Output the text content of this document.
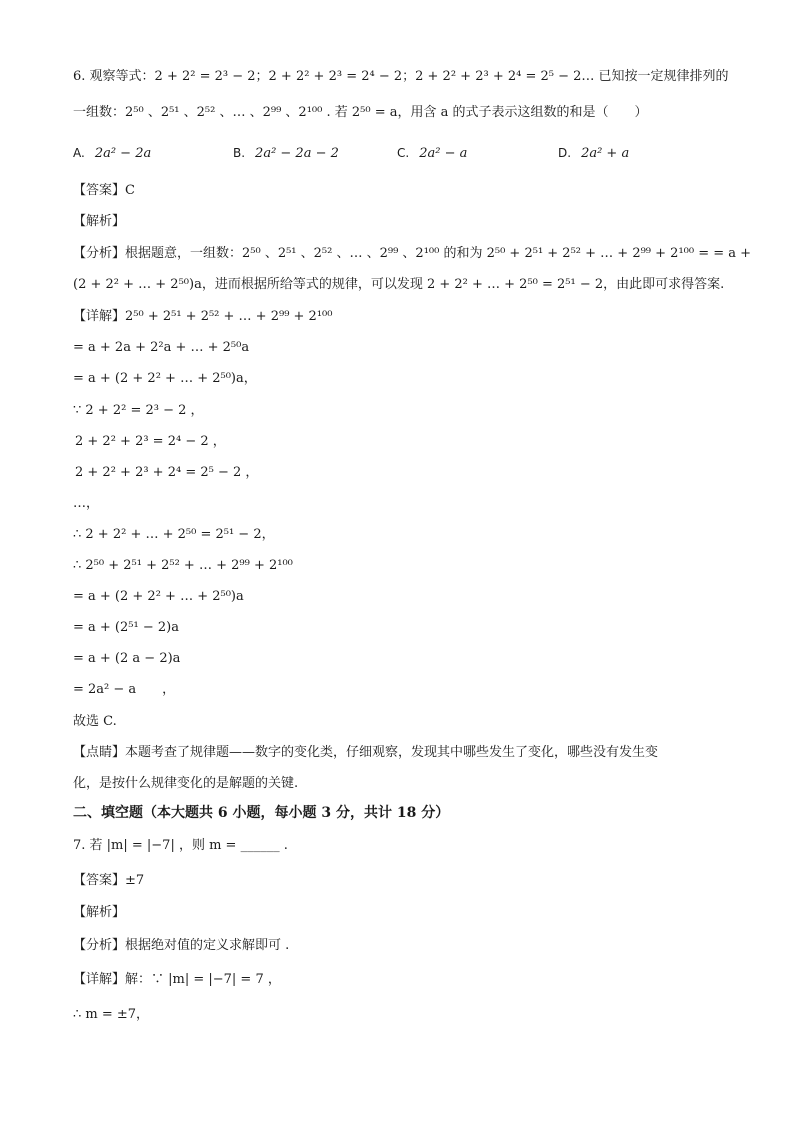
6. 观察等式：2 + 2² = 2³ − 2；2 + 2² + 2³ = 2⁴ − 2；2 + 2² + 2³ + 2⁴ = 2⁵ − 2… 已知按一定规律排列的
一组数：2⁵⁰ 、2⁵¹ 、2⁵² 、… 、2⁹⁹ 、2¹⁰⁰ . 若 2⁵⁰ = a，用含 a 的式子表示这组数的和是（　　）
A. 2a² − 2a	B. 2a² − 2a − 2	C. 2a² − a	D. 2a² + a
【答案】C
【解析】
【分析】根据题意，一组数：2⁵⁰ 、2⁵¹ 、2⁵² 、… 、2⁹⁹ 、2¹⁰⁰ 的和为 2⁵⁰ + 2⁵¹ + 2⁵² + … + 2⁹⁹ + 2¹⁰⁰ = = a +
(2 + 2² + … + 2⁵⁰)a，进而根据所给等式的规律，可以发现 2 + 2² + … + 2⁵⁰ = 2⁵¹ − 2，由此即可求得答案.
【详解】2⁵⁰ + 2⁵¹ + 2⁵² + … + 2⁹⁹ + 2¹⁰⁰
= a + 2a + 2²a + … + 2⁵⁰a
= a + (2 + 2² + … + 2⁵⁰)a，
∵ 2 + 2² = 2³ − 2 ，
2 + 2² + 2³ = 2⁴ − 2 ，
2 + 2² + 2³ + 2⁴ = 2⁵ − 2 ，
…，
∴ 2 + 2² + … + 2⁵⁰ = 2⁵¹ − 2，
∴ 2⁵⁰ + 2⁵¹ + 2⁵² + … + 2⁹⁹ + 2¹⁰⁰
= a + (2 + 2² + … + 2⁵⁰)a
= a + (2⁵¹ − 2)a
= a + (2 a − 2)a
= 2a² − a　　，
故选 C.
【点睛】本题考查了规律题——数字的变化类，仔细观察，发现其中哪些发生了变化，哪些没有发生变
化，是按什么规律变化的是解题的关键.
二、填空题（本大题共 6 小题，每小题 3 分，共计 18 分）
7. 若 |m| = |−7| ，则 m = ______ .
【答案】±7
【解析】
【分析】根据绝对值的定义求解即可 .
【详解】解：∵ |m| = |−7| = 7 ，
∴ m = ±7，
